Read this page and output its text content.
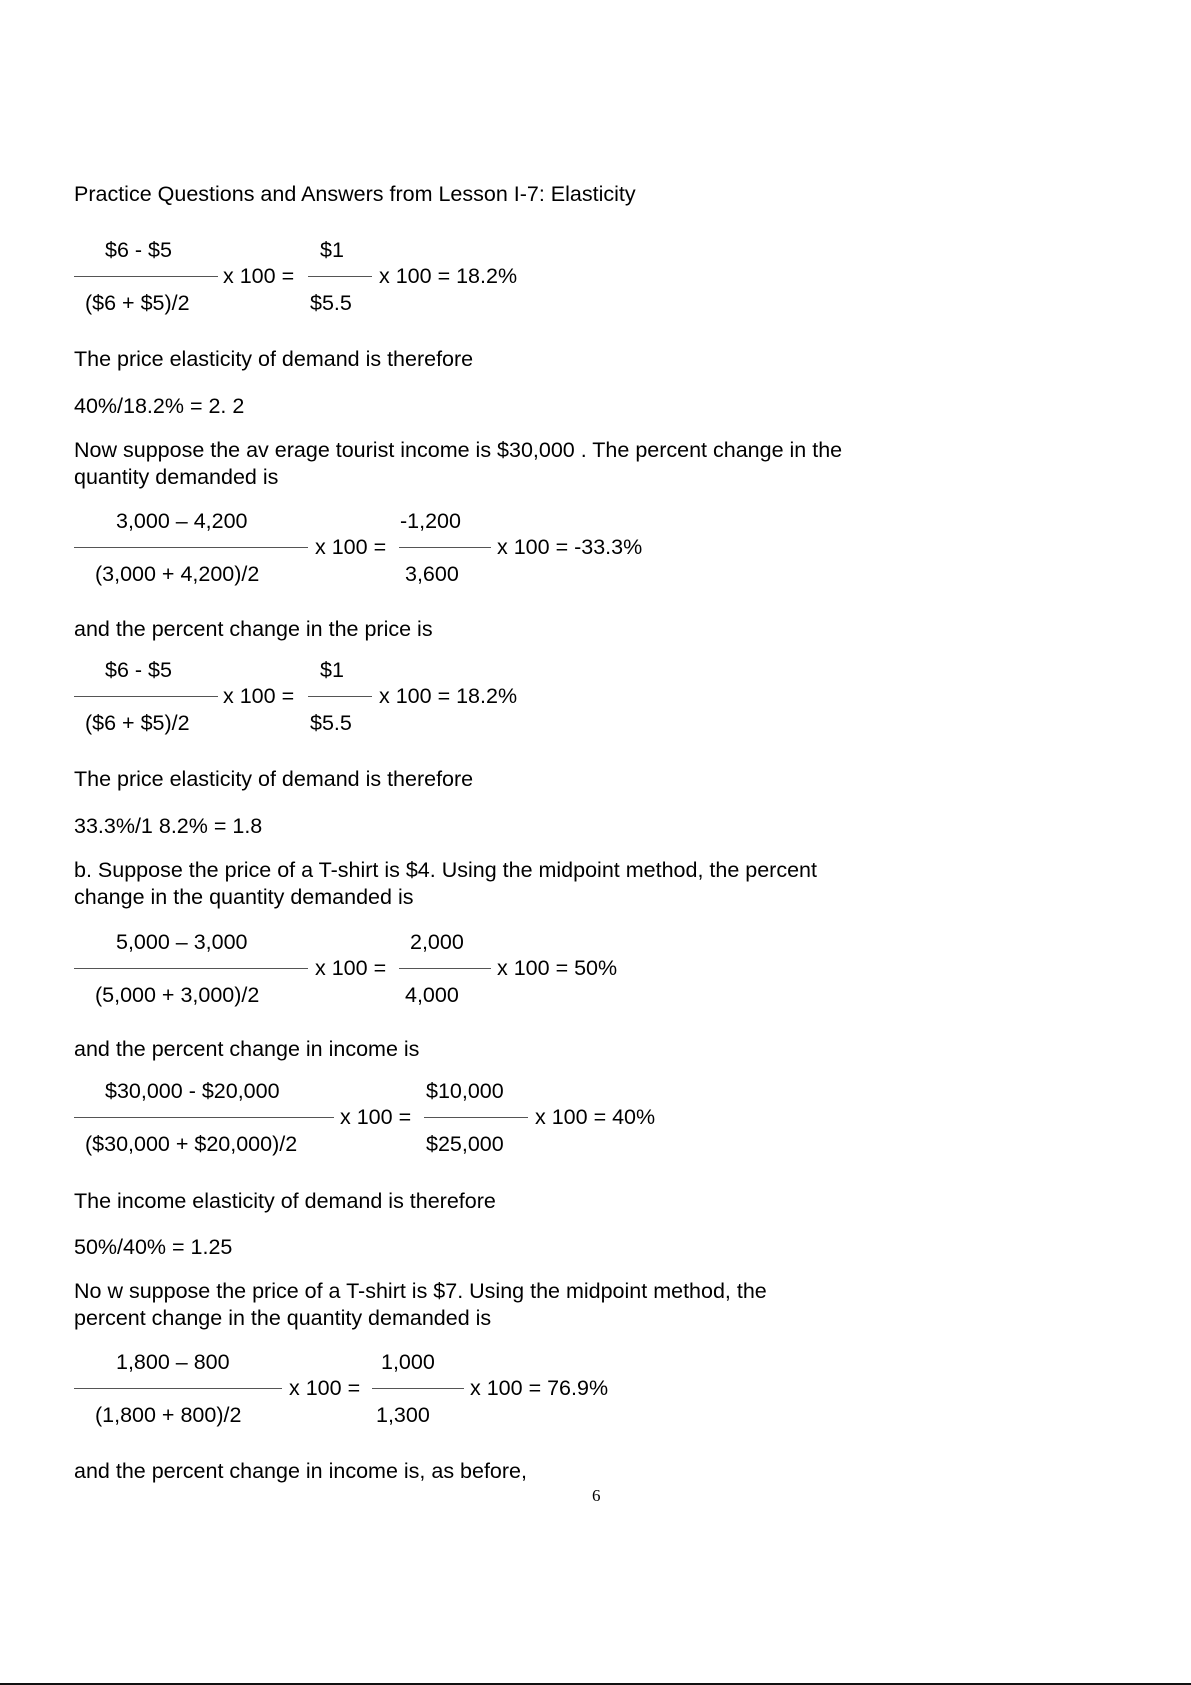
Practice Questions and Answers from Lesson I-7: Elasticity
$6 - $5
($6 + $5)/2
x 100 =
$1
$5.5
x 100 = 18.2%

The price elasticity of demand is therefore

40%/18.2% = 2. 2

Now suppose the av erage tourist income is $30,000 . The percent change in the

quantity demanded is

3,000 – 4,200
(3,000 + 4,200)/2
x 100 =
-1,200
3,600
x 100 = -33.3%

and the percent change in the price is

$6 - $5
($6 + $5)/2
x 100 =
$1
$5.5
x 100 = 18.2%

The price elasticity of demand is therefore

33.3%/1 8.2% = 1.8

b. Suppose the price of a T-shirt is $4. Using the midpoint method, the percent

change in the quantity demanded is

5,000 – 3,000
(5,000 + 3,000)/2
x 100 =
2,000
4,000
x 100 = 50%

and the percent change in income is

$30,000 - $20,000
($30,000 + $20,000)/2
x 100 =
$10,000
$25,000
x 100 = 40%

The income elasticity of demand is therefore

50%/40% = 1.25

No w suppose the price of a T-shirt is $7. Using the midpoint method, the

percent change in the quantity demanded is

1,800 – 800
(1,800 + 800)/2
x 100 =
1,000
1,300
x 100 = 76.9%

and the percent change in income is, as before,

6
